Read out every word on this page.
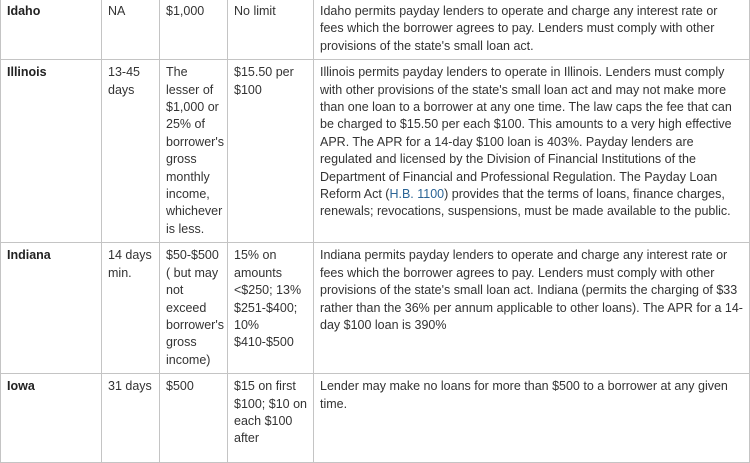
Idaho	NA	$1,000	No limit	Idaho permits payday lenders to operate and charge any interest rate or fees which the borrower agrees to pay. Lenders must comply with other provisions of the state's small loan act.
Illinois	13-45 days	The lesser of $1,000 or 25% of borrower's gross monthly income, whichever is less.	$15.50 per $100	Illinois permits payday lenders to operate in Illinois. Lenders must comply with other provisions of the state's small loan act and may not make more than one loan to a borrower at any one time. The law caps the fee that can be charged to $15.50 per each $100. This amounts to a very high effective APR. The APR for a 14-day $100 loan is 403%. Payday lenders are regulated and licensed by the Division of Financial Institutions of the Department of Financial and Professional Regulation. The Payday Loan Reform Act (H.B. 1100) provides that the terms of loans, finance charges, renewals; revocations, suspensions, must be made available to the public.
Indiana	14 days min.	$50-$500 ( but may not exceed borrower's gross income)	15% on amounts <$250; 13% $251-$400; 10% $410-$500	Indiana permits payday lenders to operate and charge any interest rate or fees which the borrower agrees to pay. Lenders must comply with other provisions of the state's small loan act. Indiana (permits the charging of $33 rather than the 36% per annum applicable to other loans). The APR for a 14-day $100 loan is 390%
Iowa	31 days	$500	$15 on first $100; $10 on each $100 after	Lender may make no loans for more than $500 to a borrower at any given time.
